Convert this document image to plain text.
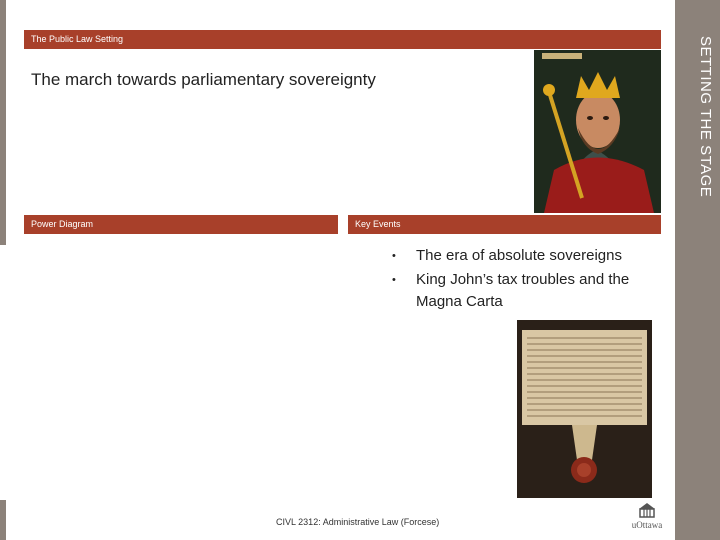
SETTING THE STAGE
The Public Law Setting
The march towards parliamentary sovereignty
Power Diagram	Key Events
• The era of absolute sovereigns
• King John’s tax troubles and the Magna Carta
CIVL 2312: Administrative Law (Forcese)	uOttawa
